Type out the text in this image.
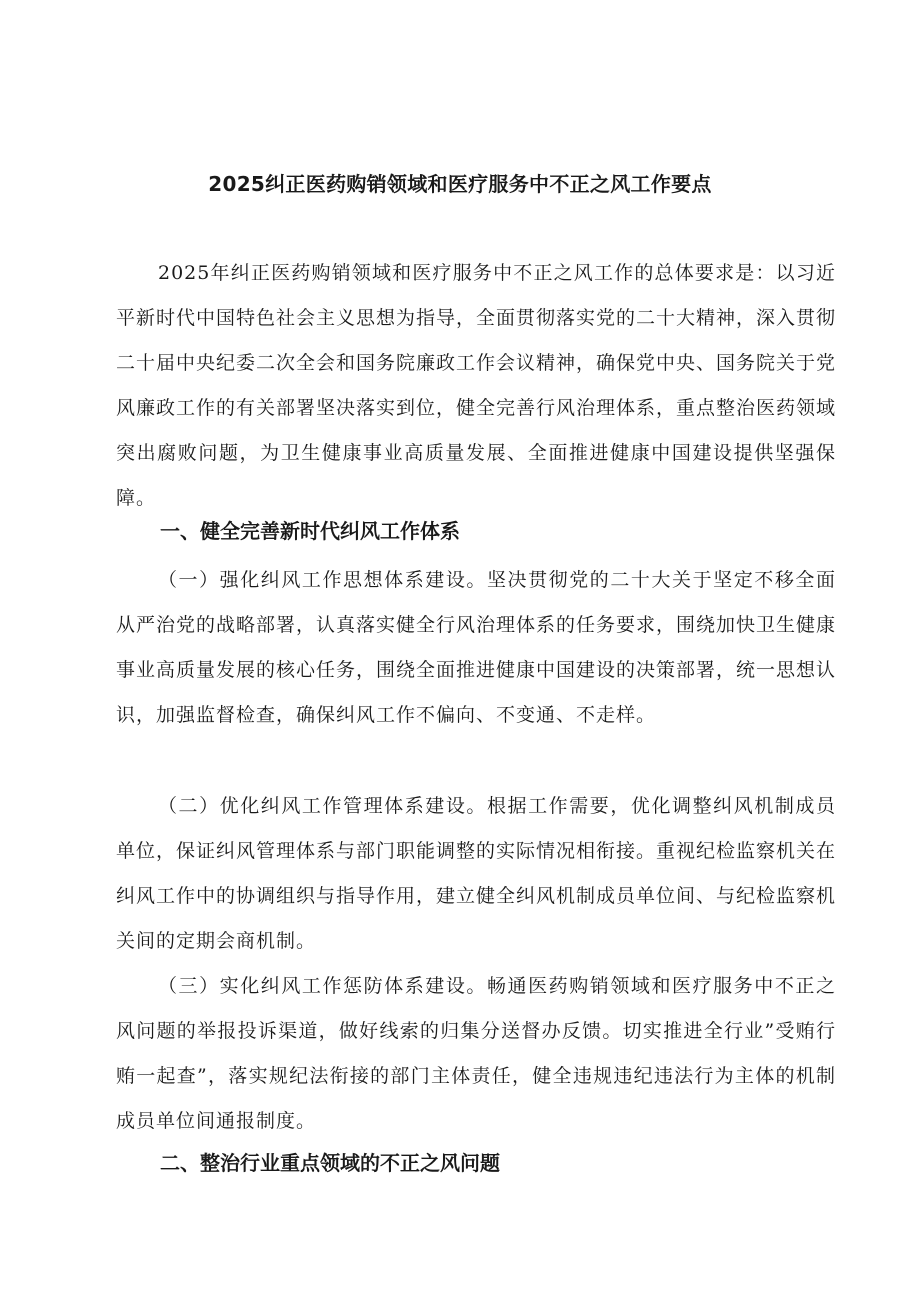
2025纠正医药购销领域和医疗服务中不正之风工作要点

2025年纠正医药购销领域和医疗服务中不正之风工作的总体要求是：以习近平新时代中国特色社会主义思想为指导，全面贯彻落实党的二十大精神，深入贯彻二十届中央纪委二次全会和国务院廉政工作会议精神，确保党中央、国务院关于党风廉政工作的有关部署坚决落实到位，健全完善行风治理体系，重点整治医药领域突出腐败问题，为卫生健康事业高质量发展、全面推进健康中国建设提供坚强保障。

一、健全完善新时代纠风工作体系

（一）强化纠风工作思想体系建设。坚决贯彻党的二十大关于坚定不移全面从严治党的战略部署，认真落实健全行风治理体系的任务要求，围绕加快卫生健康事业高质量发展的核心任务，围绕全面推进健康中国建设的决策部署，统一思想认识，加强监督检查，确保纠风工作不偏向、不变通、不走样。

（二）优化纠风工作管理体系建设。根据工作需要，优化调整纠风机制成员单位，保证纠风管理体系与部门职能调整的实际情况相衔接。重视纪检监察机关在纠风工作中的协调组织与指导作用，建立健全纠风机制成员单位间、与纪检监察机关间的定期会商机制。

（三）实化纠风工作惩防体系建设。畅通医药购销领域和医疗服务中不正之风问题的举报投诉渠道，做好线索的归集分送督办反馈。切实推进全行业”受贿行贿一起查”，落实规纪法衔接的部门主体责任，健全违规违纪违法行为主体的机制成员单位间通报制度。

二、整治行业重点领域的不正之风问题
